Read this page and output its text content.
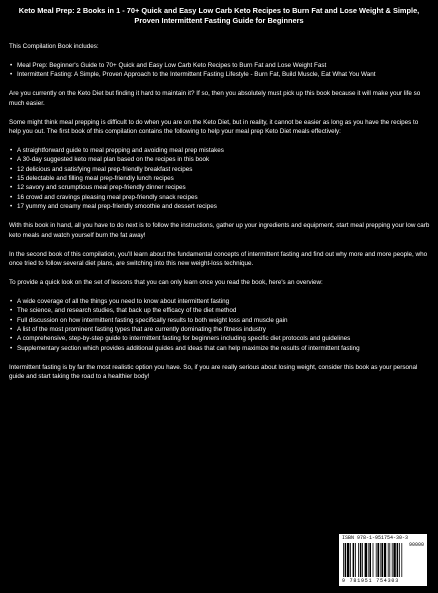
Keto Meal Prep: 2 Books in 1 - 70+ Quick and Easy Low Carb Keto Recipes to Burn Fat and Lose Weight & Simple, Proven Intermittent Fasting Guide for Beginners

This Compilation Book includes:

• Meal Prep: Beginner's Guide to 70+ Quick and Easy Low Carb Keto Recipes to Burn Fat and Lose Weight Fast
• Intermittent Fasting: A Simple, Proven Approach to the Intermittent Fasting Lifestyle - Burn Fat, Build Muscle, Eat What You Want

Are you currently on the Keto Diet but finding it hard to maintain it? If so, then you absolutely must pick up this book because it will make your life so much easier.

Some might think meal prepping is difficult to do when you are on the Keto Diet, but in reality, it cannot be easier as long as you have the recipes to help you out. The first book of this compilation contains the following to help your meal prep Keto Diet meals effectively:

• A straightforward guide to meal prepping and avoiding meal prep mistakes
• A 30-day suggested keto meal plan based on the recipes in this book
• 12 delicious and satisfying meal prep-friendly breakfast recipes
• 15 delectable and filling meal prep-friendly lunch recipes
• 12 savory and scrumptious meal prep-friendly dinner recipes
• 16 crowd and cravings pleasing meal prep-friendly snack recipes
• 17 yummy and creamy meal prep-friendly smoothie and dessert recipes

With this book in hand, all you have to do next is to follow the instructions, gather up your ingredients and equipment, start meal prepping your low carb keto meals and watch yourself burn the fat away!

In the second book of this compilation, you'll learn about the fundamental concepts of intermittent fasting and find out why more and more people, who once tried to follow several diet plans, are switching into this new weight-loss technique.

To provide a quick look on the set of lessons that you can only learn once you read the book, here's an overview:

• A wide coverage of all the things you need to know about intermittent fasting
• The science, and research studies, that back up the efficacy of the diet method
• Full discussion on how intermittent fasting specifically results to both weight loss and muscle gain
• A list of the most prominent fasting types that are currently dominating the fitness industry
• A comprehensive, step-by-step guide to intermittent fasting for beginners including specific diet protocols and guidelines
• Supplementary section which provides additional guides and ideas that can help maximize the results of intermittent fasting

Intermittent fasting is by far the most realistic option you have. So, if you are really serious about losing weight, consider this book as your personal guide and start taking the road to a healthier body!

ISBN 978-1-951754-30-3
90000
9 781951 754303
